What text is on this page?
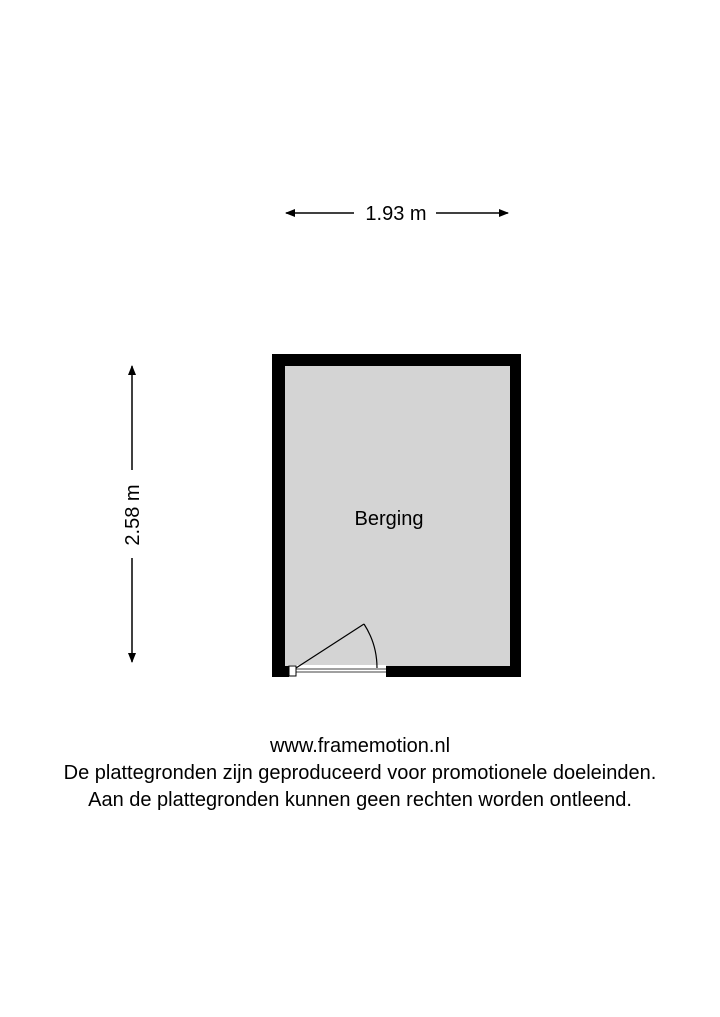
1.93 m
2.58 m	Berging
www.framemotion.nl
De plattegronden zijn geproduceerd voor promotionele doeleinden.
Aan de plattegronden kunnen geen rechten worden ontleend.
